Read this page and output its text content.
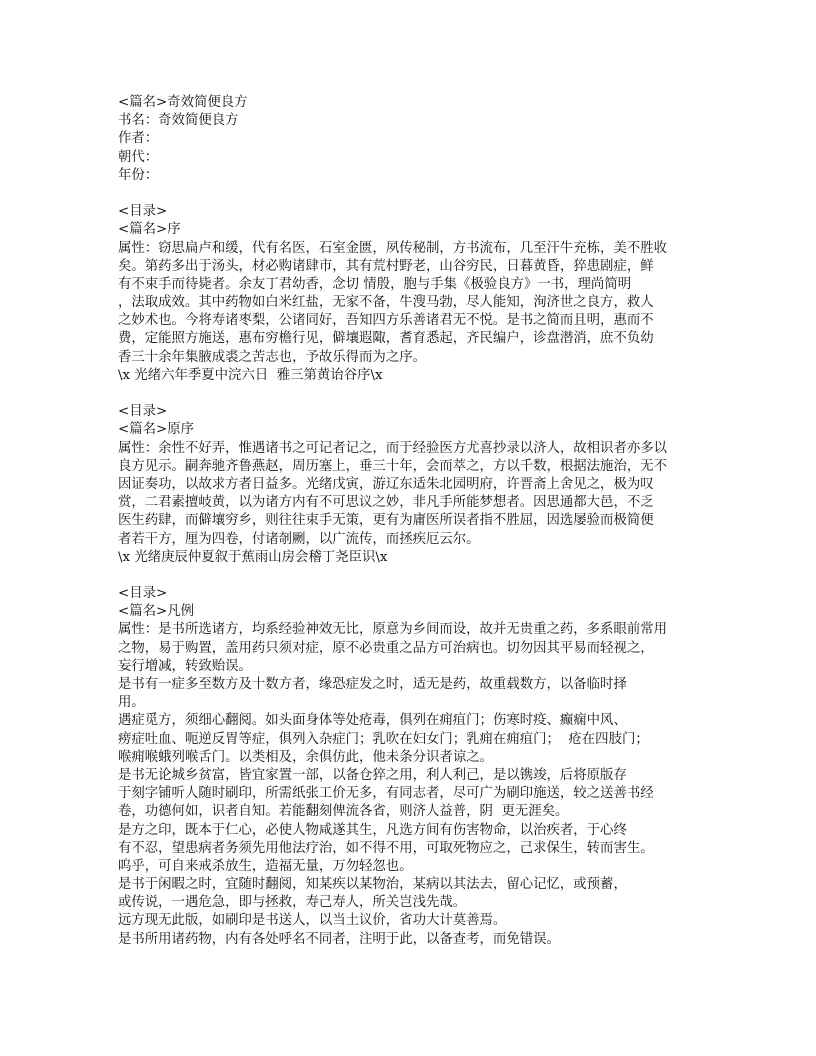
<篇名>奇效简便良方
书名：奇效简便良方
作者：
朝代：
年份：
<目录>
<篇名>序
属性：窃思扁卢和缓，代有名医，石室金匮，夙传秘制，方书流布，几至汗牛充栋，美不胜收
矣。第药多出于汤头，材必购诸肆市，其有荒村野老，山谷穷民，日暮黄昏，猝患剧症，鲜
有不束手而待毙者。余友丁君幼香，念切 情殷，胞与手集《极验良方》一书，理尚简明
，法取成效。其中药物如白米红盐，无家不备，牛溲马勃，尽人能知，洵济世之良方，救人
之妙术也。今将寿诸枣梨，公诸同好，吾知四方乐善诸君无不悦。是书之简而且明，惠而不
费，定能照方施送，惠布穷檐行见，僻壤遐陬，耆育悉起，齐民编户，诊盘潜消，庶不负幼
香三十余年集腋成裘之苦志也，予故乐得而为之序。
\x 光绪六年季夏中浣六日  雅三第黄诒谷序\x
<目录>
<篇名>原序
属性：余性不好弄，惟遇诸书之可记者记之，而于经验医方尤喜抄录以济人，故相识者亦多以
良方见示。嗣奔驰齐鲁燕赵，周历塞上，垂三十年，会而萃之，方以千数，根据法施治，无不
因证奏功，以故求方者日益多。光绪戊寅，游辽东适朱北园明府，许晋斋上舍见之，极为叹
赏，二君素擅岐黄，以为诸方内有不可思议之妙，非凡手所能梦想者。因思通都大邑，不乏
医生药肆，而僻壤穷乡，则往往束手无策，更有为庸医所误者指不胜屈，因选屡验而极简便
者若干方，厘为四卷，付诸剞劂，以广流传，而拯疾厄云尔。
\x 光绪庚辰仲夏叙于蕉雨山房会稽丁尧臣识\x
<目录>
<篇名>凡例
属性：是书所选诸方，均系经验神效无比，原意为乡间而设，故并无贵重之药，多系眼前常用
之物，易于购置，盖用药只须对症，原不必贵重之品方可治病也。切勿因其平易而轻视之，
妄行增减，转致贻误。
是书有一症多至数方及十数方者，缘恐症发之时，适无是药，故重载数方，以备临时择
用。
遇症觅方，须细心翻阅。如头面身体等处疮毒，俱列在痈疽门；伤寒时疫、癫痫中风、
痨症吐血、呃逆反胃等症，俱列入杂症门；乳吹在妇女门；乳痈在痈疽门；  疮在四肢门；
喉痈喉蛾列喉舌门。以类相及，余俱仿此，他未条分识者谅之。
是书无论城乡贫富，皆宜家置一部，以备仓猝之用，利人利己，是以镌竣，后将原版存
于刻字铺听人随时刷印，所需纸张工价无多，有同志者，尽可广为刷印施送，较之送善书经
卷，功德何如，识者自知。若能翻刻俾流各省，则济人益普，阴  更无涯矣。
是方之印，既本于仁心，必使人物咸遂其生，凡选方间有伤害物命，以治疾者，于心终
有不忍，望患病者务须先用他法疗治，如不得不用，可取死物应之，己求保生，转而害生。
呜乎，可自来戒杀放生，造福无量，万勿轻忽也。
是书于闲暇之时，宜随时翻阅，知某疾以某物治，某病以其法去，留心记忆，或预蓄，
或传说，一遇危急，即与拯救，寿己寿人，所关岂浅先哉。
远方现无此版，如刷印是书送人，以当土议价，省功大计莫善焉。
是书所用诸药物，内有各处呼名不同者，注明于此，以备查考，而免错误。
